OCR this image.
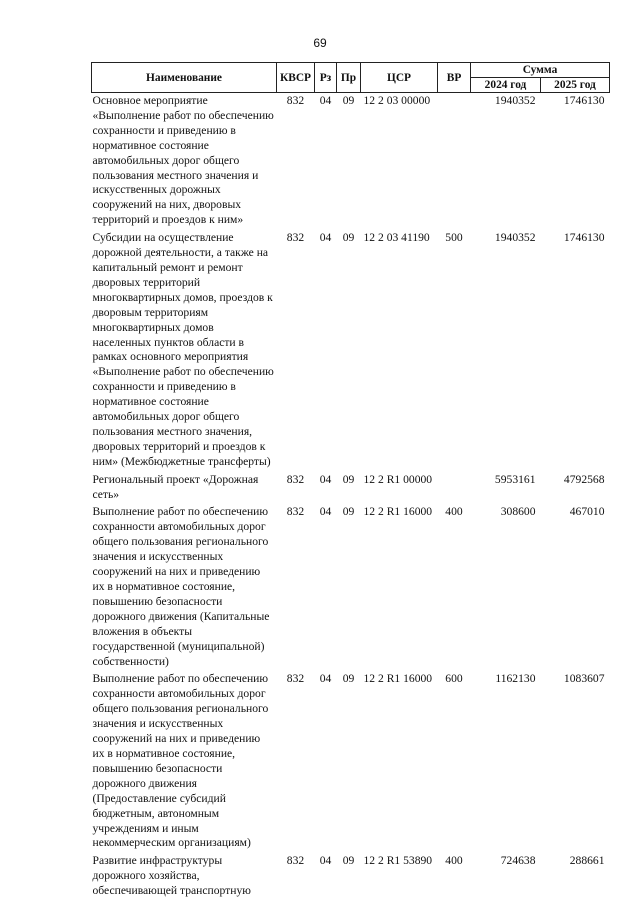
69
Наименование	КВСР	Рз	Пр	ЦСР	ВР	Сумма	
						2024 год	2025 год
Основное мероприятие «Выполнение работ по обеспечению сохранности и приведению в нормативное состояние автомобильных дорог общего пользования местного значения и искусственных дорожных сооружений на них, дворовых территорий и проездов к ним»	832	04	09	12 2 03 00000		1940352	1746130

Субсидии на осуществление дорожной деятельности, а также на капитальный ремонт и ремонт дворовых территорий многоквартирных домов, проездов к дворовым территориям многоквартирных домов населенных пунктов области в рамках основного мероприятия «Выполнение работ по обеспечению сохранности и приведению в нормативное состояние автомобильных дорог общего пользования местного значения, дворовых территорий и проездов к ним» (Межбюджетные трансферты)	832	04	09	12 2 03 41190	500	1940352	1746130

Региональный проект «Дорожная сеть»	832	04	09	12 2 R1 00000		5953161	4792568

Выполнение работ по обеспечению сохранности автомобильных дорог общего пользования регионального значения и искусственных сооружений на них и приведению их в нормативное состояние, повышению безопасности дорожного движения (Капитальные вложения в объекты государственной (муниципальной) собственности)	832	04	09	12 2 R1 16000	400	308600	467010

Выполнение работ по обеспечению сохранности автомобильных дорог общего пользования регионального значения и искусственных сооружений на них и приведению их в нормативное состояние, повышению безопасности дорожного движения (Предоставление субсидий бюджетным, автономным учреждениям и иным некоммерческим организациям)	832	04	09	12 2 R1 16000	600	1162130	1083607

Развитие инфраструктуры дорожного хозяйства, обеспечивающей транспортную	832	04	09	12 2 R1 53890	400	724638	288661
